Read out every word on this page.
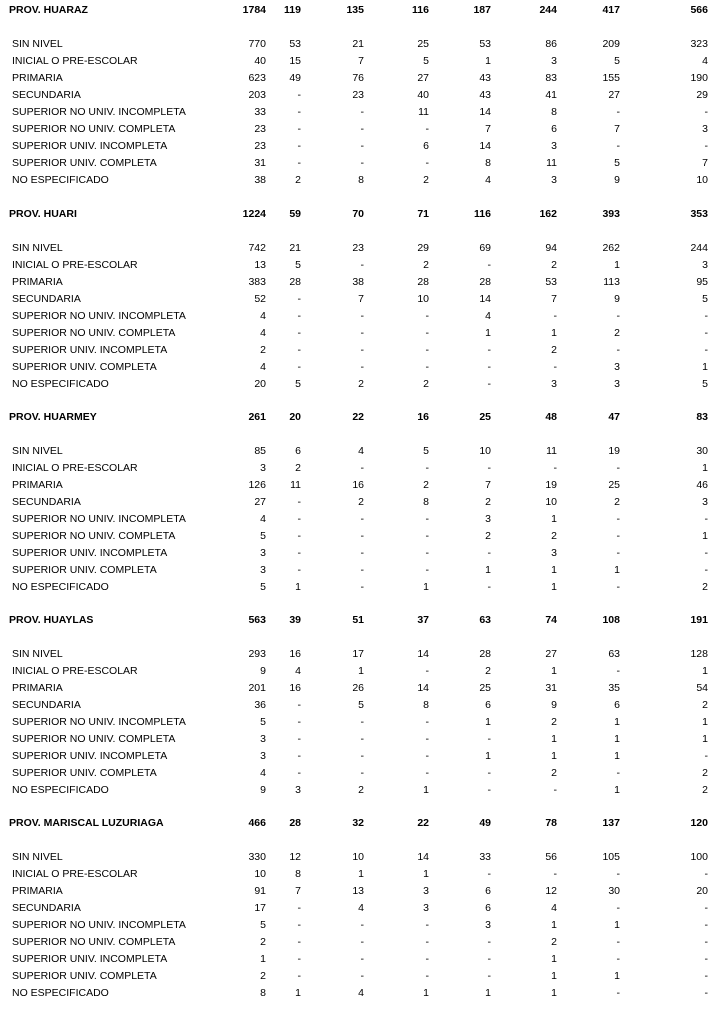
PROV. HUARAZ	1784	119	135	116	187	244	417	566
SIN NIVEL	770	53	21	25	53	86	209	323
INICIAL O PRE-ESCOLAR	40	15	7	5	1	3	5	4
PRIMARIA	623	49	76	27	43	83	155	190
SECUNDARIA	203	-	23	40	43	41	27	29
SUPERIOR NO UNIV. INCOMPLETA	33	-	-	11	14	8	-	-
SUPERIOR NO UNIV. COMPLETA	23	-	-	-	7	6	7	3
SUPERIOR UNIV. INCOMPLETA	23	-	-	6	14	3	-	-
SUPERIOR UNIV. COMPLETA	31	-	-	-	8	11	5	7
NO ESPECIFICADO	38	2	8	2	4	3	9	10
PROV. HUARI	1224	59	70	71	116	162	393	353
SIN NIVEL	742	21	23	29	69	94	262	244
INICIAL O PRE-ESCOLAR	13	5	-	2	-	2	1	3
PRIMARIA	383	28	38	28	28	53	113	95
SECUNDARIA	52	-	7	10	14	7	9	5
SUPERIOR NO UNIV. INCOMPLETA	4	-	-	-	4	-	-	-
SUPERIOR NO UNIV. COMPLETA	4	-	-	-	1	1	2	-
SUPERIOR UNIV. INCOMPLETA	2	-	-	-	-	2	-	-
SUPERIOR UNIV. COMPLETA	4	-	-	-	-	-	3	1
NO ESPECIFICADO	20	5	2	2	-	3	3	5
PROV. HUARMEY	261	20	22	16	25	48	47	83
SIN NIVEL	85	6	4	5	10	11	19	30
INICIAL O PRE-ESCOLAR	3	2	-	-	-	-	-	1
PRIMARIA	126	11	16	2	7	19	25	46
SECUNDARIA	27	-	2	8	2	10	2	3
SUPERIOR NO UNIV. INCOMPLETA	4	-	-	-	3	1	-	-
SUPERIOR NO UNIV. COMPLETA	5	-	-	-	2	2	-	1
SUPERIOR UNIV. INCOMPLETA	3	-	-	-	-	3	-	-
SUPERIOR UNIV. COMPLETA	3	-	-	-	1	1	1	-
NO ESPECIFICADO	5	1	-	1	-	1	-	2
PROV. HUAYLAS	563	39	51	37	63	74	108	191
SIN NIVEL	293	16	17	14	28	27	63	128
INICIAL O PRE-ESCOLAR	9	4	1	-	2	1	-	1
PRIMARIA	201	16	26	14	25	31	35	54
SECUNDARIA	36	-	5	8	6	9	6	2
SUPERIOR NO UNIV. INCOMPLETA	5	-	-	-	1	2	1	1
SUPERIOR NO UNIV. COMPLETA	3	-	-	-	-	1	1	1
SUPERIOR UNIV. INCOMPLETA	3	-	-	-	1	1	1	-
SUPERIOR UNIV. COMPLETA	4	-	-	-	-	2	-	2
NO ESPECIFICADO	9	3	2	1	-	-	1	2
PROV. MARISCAL LUZURIAGA	466	28	32	22	49	78	137	120
SIN NIVEL	330	12	10	14	33	56	105	100
INICIAL O PRE-ESCOLAR	10	8	1	1	-	-	-	-
PRIMARIA	91	7	13	3	6	12	30	20
SECUNDARIA	17	-	4	3	6	4	-	-
SUPERIOR NO UNIV. INCOMPLETA	5	-	-	-	3	1	1	-
SUPERIOR NO UNIV. COMPLETA	2	-	-	-	-	2	-	-
SUPERIOR UNIV. INCOMPLETA	1	-	-	-	-	1	-	-
SUPERIOR UNIV. COMPLETA	2	-	-	-	-	1	1	-
NO ESPECIFICADO	8	1	4	1	1	1	-	-
